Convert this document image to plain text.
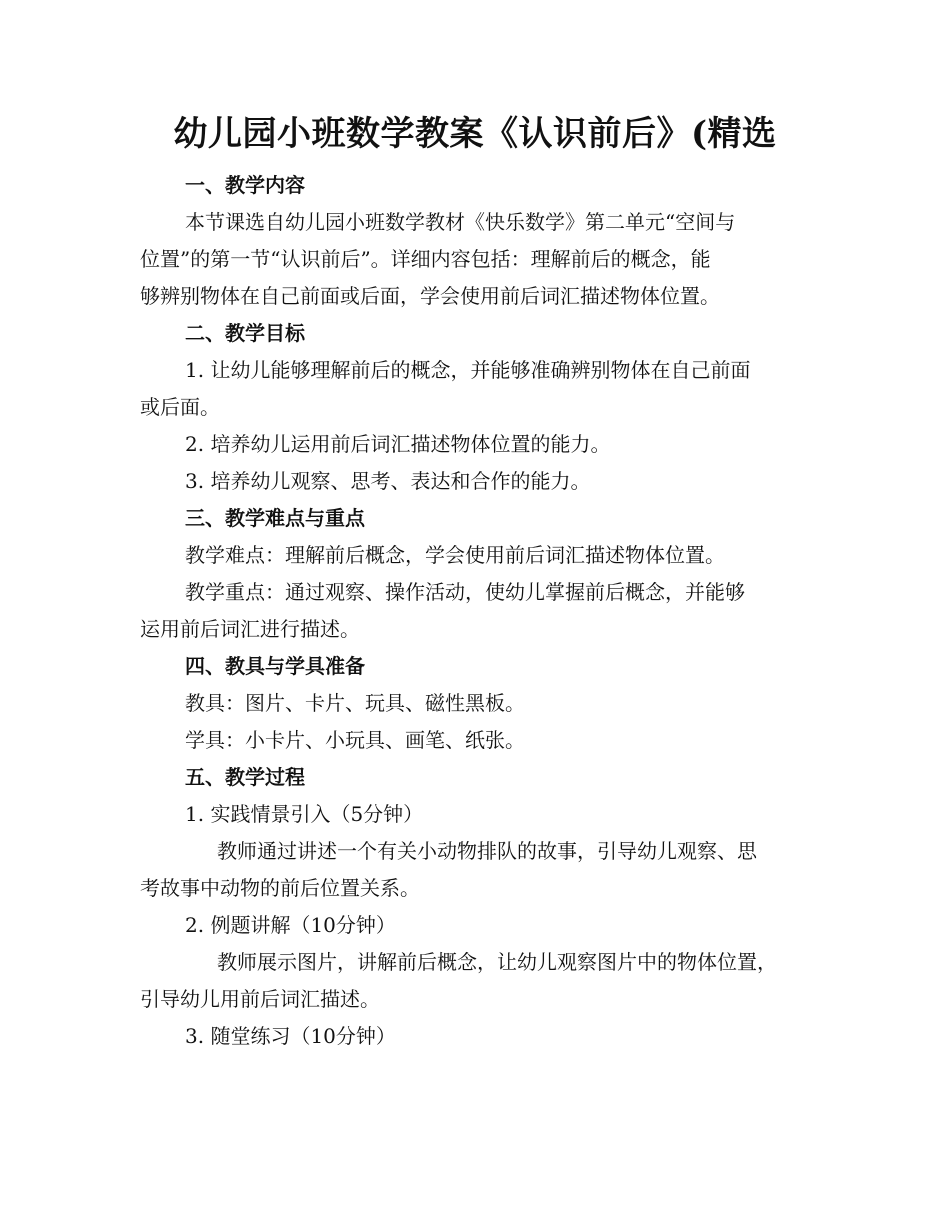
幼儿园小班数学教案《认识前后》(精选
一、教学内容
本节课选自幼儿园小班数学教材《快乐数学》第二单元“空间与
位置”的第一节“认识前后”。详细内容包括：理解前后的概念，能
够辨别物体在自己前面或后面，学会使用前后词汇描述物体位置。
二、教学目标
1. 让幼儿能够理解前后的概念，并能够准确辨别物体在自己前面
或后面。
2. 培养幼儿运用前后词汇描述物体位置的能力。
3. 培养幼儿观察、思考、表达和合作的能力。
三、教学难点与重点
教学难点：理解前后概念，学会使用前后词汇描述物体位置。
教学重点：通过观察、操作活动，使幼儿掌握前后概念，并能够
运用前后词汇进行描述。
四、教具与学具准备
教具：图片、卡片、玩具、磁性黑板。
学具：小卡片、小玩具、画笔、纸张。
五、教学过程
1. 实践情景引入（5分钟）
教师通过讲述一个有关小动物排队的故事，引导幼儿观察、思
考故事中动物的前后位置关系。
2. 例题讲解（10分钟）
教师展示图片，讲解前后概念，让幼儿观察图片中的物体位置，
引导幼儿用前后词汇描述。
3. 随堂练习（10分钟）
